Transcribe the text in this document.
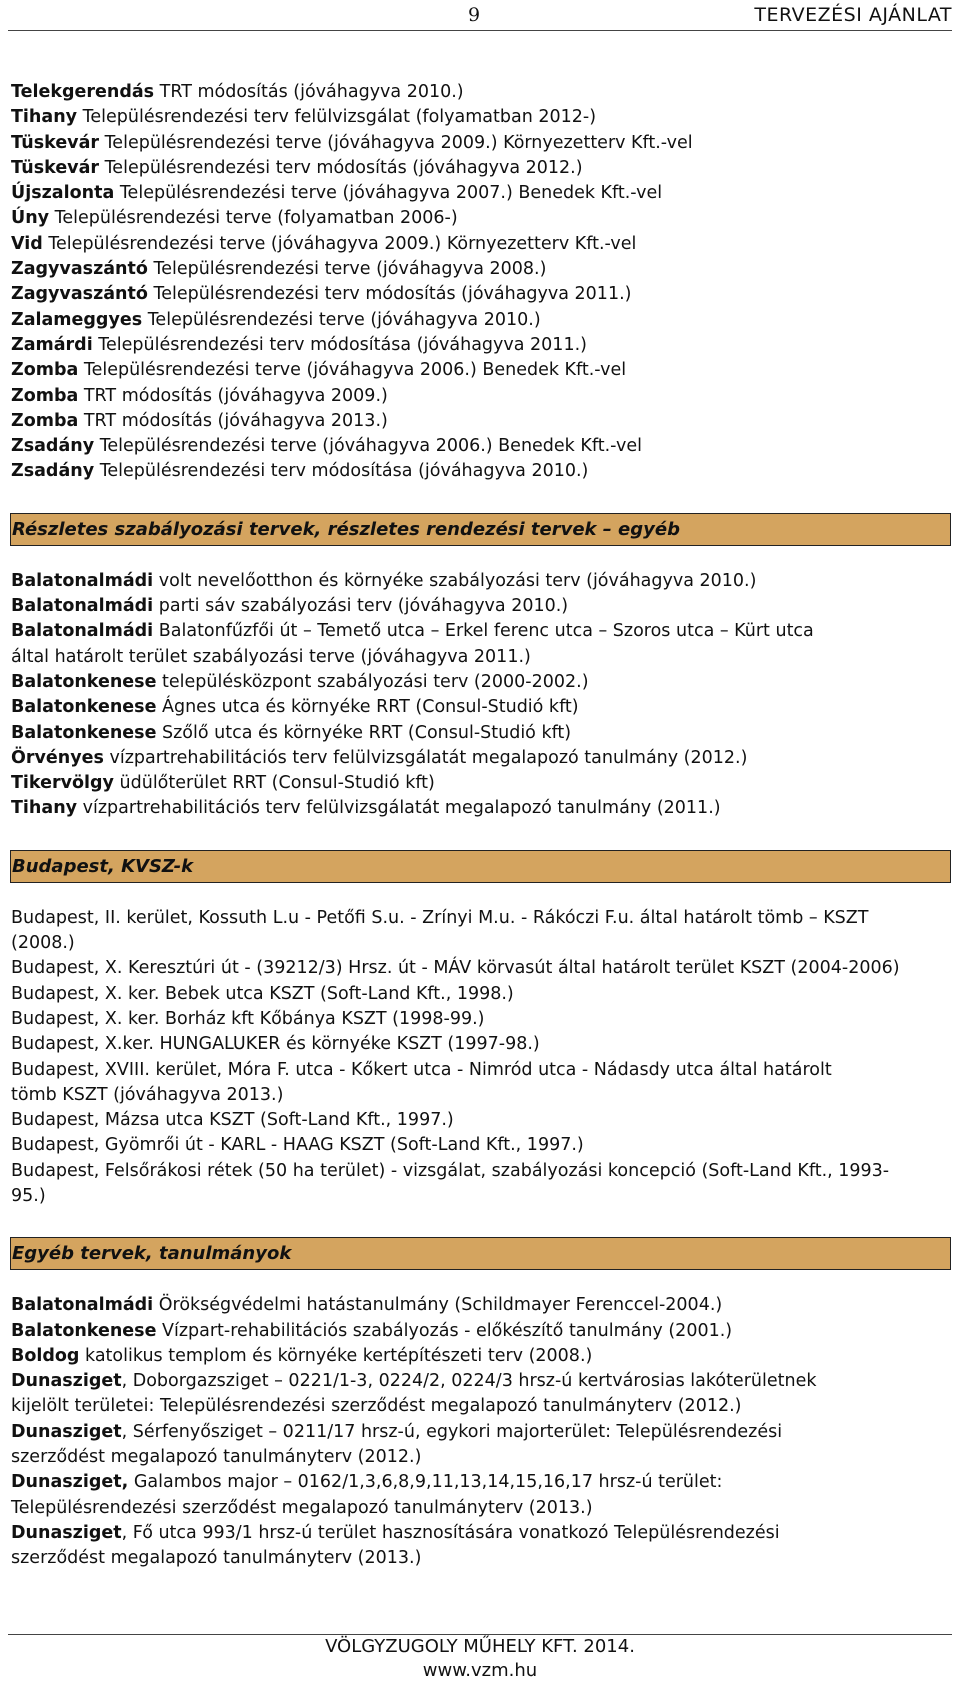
9	TERVEZÉSI AJÁNLAT
Telekgerendás TRT módosítás (jóváhagyva 2010.)
Tihany Településrendezési terv felülvizsgálat (folyamatban 2012-)
Tüskevár Településrendezési terve (jóváhagyva 2009.) Környezetterv Kft.-vel
Tüskevár Településrendezési terv módosítás (jóváhagyva 2012.)
Újszalonta Településrendezési terve (jóváhagyva 2007.) Benedek Kft.-vel
Úny Településrendezési terve (folyamatban 2006-)
Vid Településrendezési terve (jóváhagyva 2009.) Környezetterv Kft.-vel
Zagyvaszántó Településrendezési terve (jóváhagyva 2008.)
Zagyvaszántó Településrendezési terv módosítás (jóváhagyva 2011.)
Zalameggyes Településrendezési terve (jóváhagyva 2010.)
Zamárdi Településrendezési terv módosítása (jóváhagyva 2011.)
Zomba Településrendezési terve (jóváhagyva 2006.) Benedek Kft.-vel
Zomba TRT módosítás (jóváhagyva 2009.)
Zomba TRT módosítás (jóváhagyva 2013.)
Zsadány Településrendezési terve (jóváhagyva 2006.) Benedek Kft.-vel
Zsadány Településrendezési terv módosítása (jóváhagyva 2010.)
Részletes szabályozási tervek, részletes rendezési tervek – egyéb
Balatonalmádi volt nevelőotthon és környéke szabályozási terv (jóváhagyva 2010.)
Balatonalmádi parti sáv szabályozási terv (jóváhagyva 2010.)
Balatonalmádi Balatonfűzfői út – Temető utca – Erkel ferenc utca – Szoros utca – Kürt utca
által határolt terület szabályozási terve (jóváhagyva 2011.)
Balatonkenese településközpont szabályozási terv (2000-2002.)
Balatonkenese Ágnes utca és környéke RRT (Consul-Studió kft)
Balatonkenese Szőlő utca és környéke RRT (Consul-Studió kft)
Örvényes vízpartrehabilitációs terv felülvizsgálatát megalapozó tanulmány (2012.)
Tikervölgy üdülőterület RRT (Consul-Studió kft)
Tihany vízpartrehabilitációs terv felülvizsgálatát megalapozó tanulmány (2011.)
Budapest, KVSZ-k
Budapest, II. kerület, Kossuth L.u - Petőfi S.u. - Zrínyi M.u. - Rákóczi F.u. által határolt tömb – KSZT
(2008.)
Budapest, X. Keresztúri út - (39212/3) Hrsz. út - MÁV körvasút által határolt terület KSZT (2004-2006)
Budapest, X. ker. Bebek utca KSZT (Soft-Land Kft., 1998.)
Budapest, X. ker. Borház kft Kőbánya KSZT (1998-99.)
Budapest, X.ker. HUNGALUKER és környéke KSZT (1997-98.)
Budapest, XVIII. kerület, Móra F. utca - Kőkert utca - Nimród utca - Nádasdy utca által határolt
tömb KSZT (jóváhagyva 2013.)
Budapest, Mázsa utca KSZT (Soft-Land Kft., 1997.)
Budapest, Gyömrői út - KARL - HAAG KSZT (Soft-Land Kft., 1997.)
Budapest, Felsőrákosi rétek (50 ha terület) - vizsgálat, szabályozási koncepció (Soft-Land Kft., 1993-
95.)
Egyéb tervek, tanulmányok
Balatonalmádi Örökségvédelmi hatástanulmány (Schildmayer Ferenccel-2004.)
Balatonkenese Vízpart-rehabilitációs szabályozás - előkészítő tanulmány (2001.)
Boldog katolikus templom és környéke kertépítészeti terv (2008.)
Dunasziget, Doborgazsziget – 0221/1-3, 0224/2, 0224/3 hrsz-ú kertvárosias lakóterületnek
kijelölt területei: Településrendezési szerződést megalapozó tanulmányterv (2012.)
Dunasziget, Sérfenyősziget – 0211/17 hrsz-ú, egykori majorterület: Településrendezési
szerződést megalapozó tanulmányterv (2012.)
Dunasziget, Galambos major – 0162/1,3,6,8,9,11,13,14,15,16,17 hrsz-ú terület:
Településrendezési szerződést megalapozó tanulmányterv (2013.)
Dunasziget, Fő utca 993/1 hrsz-ú terület hasznosítására vonatkozó Településrendezési
szerződést megalapozó tanulmányterv (2013.)
VÖLGYZUGOLY MŰHELY KFT. 2014.
www.vzm.hu
